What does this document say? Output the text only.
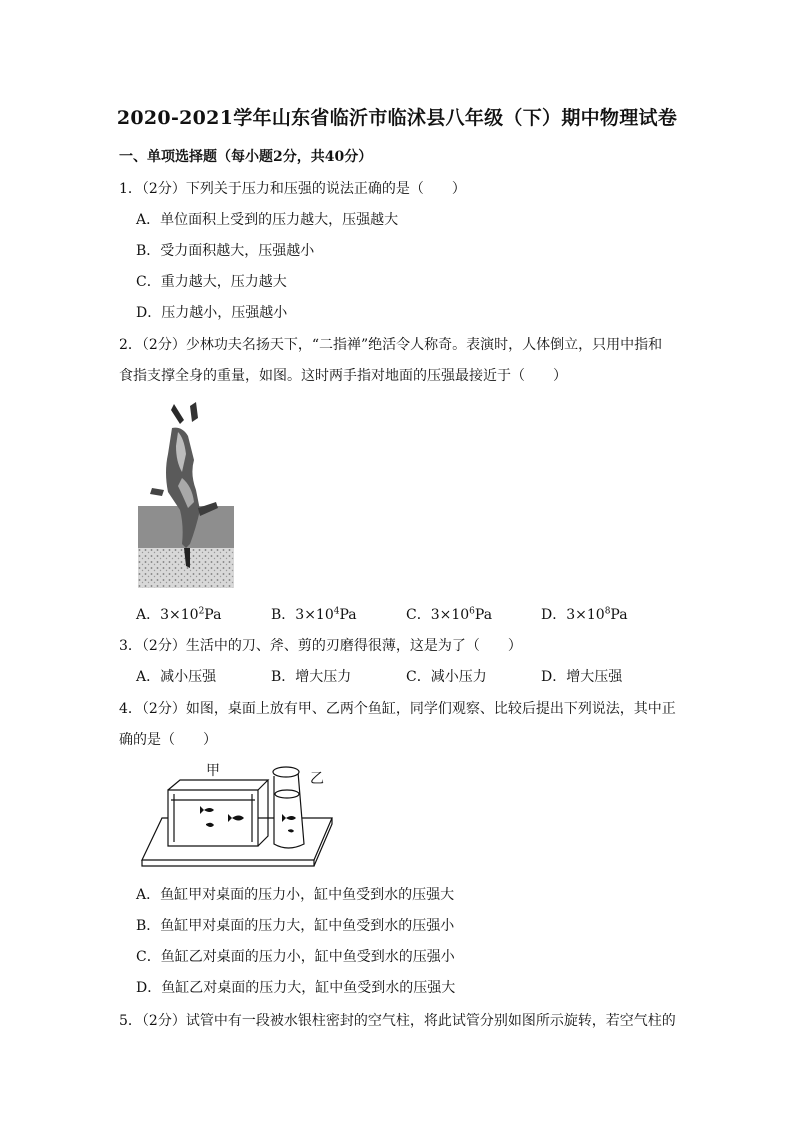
2020-2021学年山东省临沂市临沭县八年级（下）期中物理试卷
一、单项选择题（每小题2分，共40分）
1．（2分）下列关于压力和压强的说法正确的是（　　）
A．单位面积上受到的压力越大，压强越大
B．受力面积越大，压强越小
C．重力越大，压力越大
D．压力越小，压强越小
2．（2分）少林功夫名扬天下，“二指禅”绝活令人称奇。表演时，人体倒立，只用中指和
食指支撑全身的重量，如图。这时两手指对地面的压强最接近于（　　）
A．$3\times 10^2Pa$	B．$3\times 10^4Pa$	C．$3\times 10^6Pa$	D．$3\times 10^8Pa$
3．（2分）生活中的刀、斧、剪的刃磨得很薄，这是为了（　　）
A．减小压强	B．增大压力	C．减小压力	D．增大压强
4．（2分）如图，桌面上放有甲、乙两个鱼缸，同学们观察、比较后提出下列说法，其中正
确的是（　　）
甲	乙
A．鱼缸甲对桌面的压力小，缸中鱼受到水的压强大
B．鱼缸甲对桌面的压力大，缸中鱼受到水的压强小
C．鱼缸乙对桌面的压力小，缸中鱼受到水的压强小
D．鱼缸乙对桌面的压力大，缸中鱼受到水的压强大
5．（2分）试管中有一段被水银柱密封的空气柱，将此试管分别如图所示旋转，若空气柱的
